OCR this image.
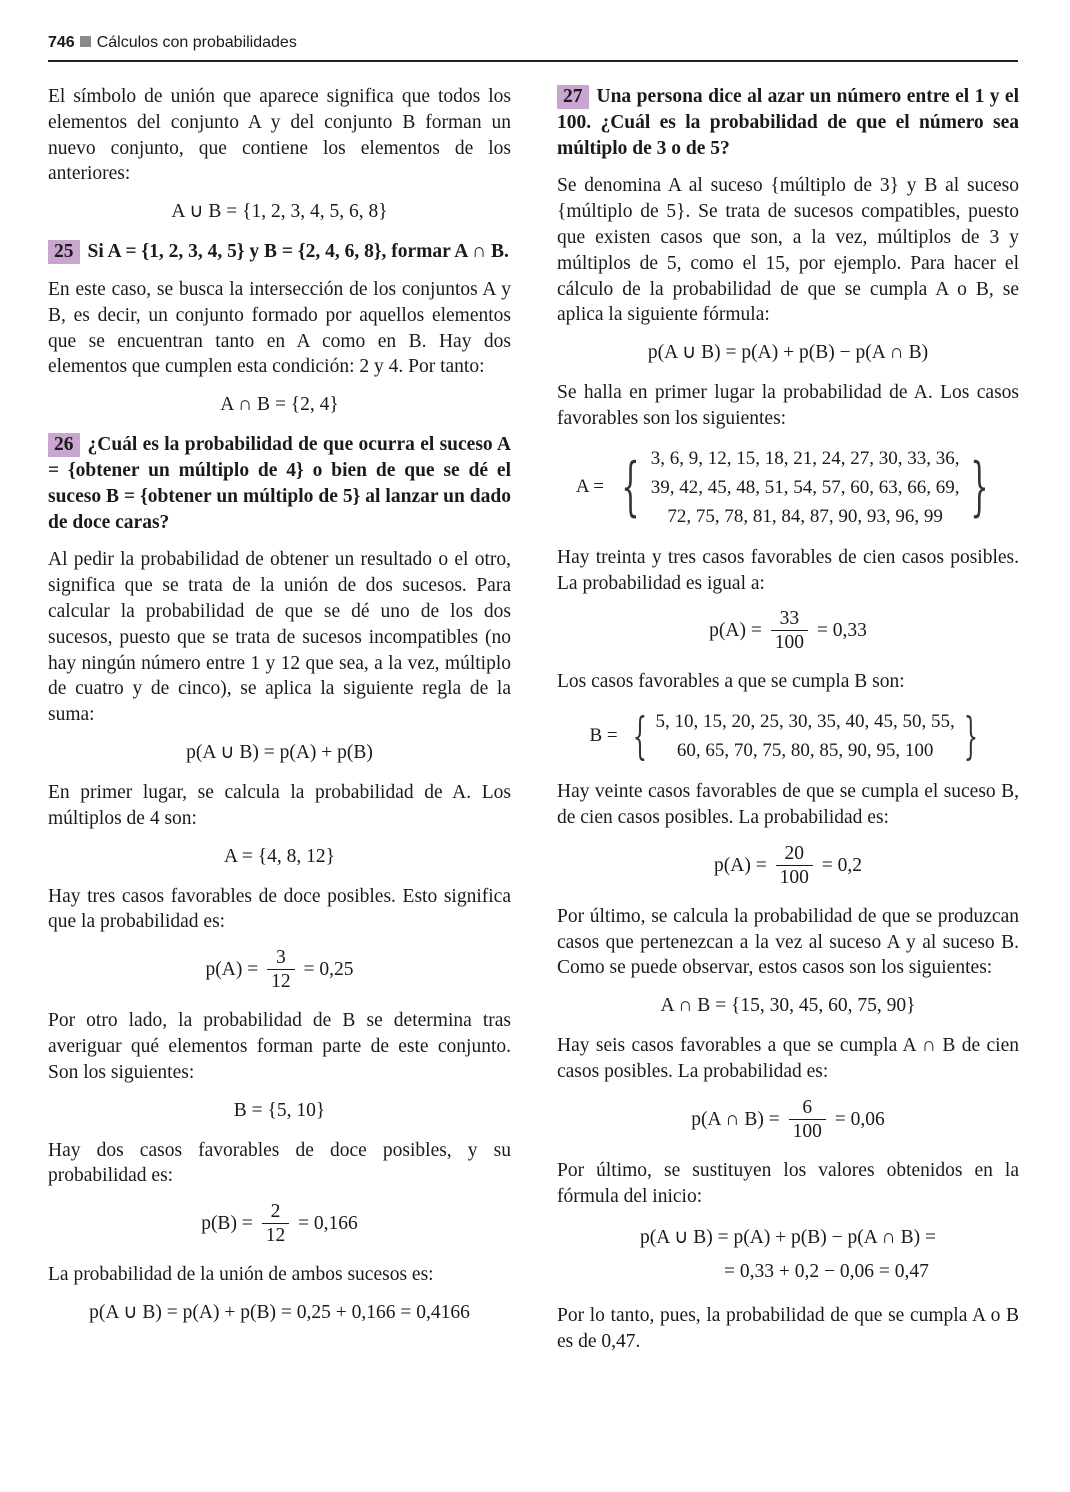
746 Cálculos con probabilidades

El símbolo de unión que aparece significa que todos los elementos del conjunto A y del conjunto B forman un nuevo conjunto, que contiene los elementos de los anteriores:

A ∪ B = {1, 2, 3, 4, 5, 6, 8}
25 Si A = {1, 2, 3, 4, 5} y B = {2, 4, 6, 8}, formar A ∩ B.

En este caso, se busca la intersección de los conjuntos A y B, es decir, un conjunto formado por aquellos elementos que se encuentran tanto en A como en B. Hay dos elementos que cumplen esta condición: 2 y 4. Por tanto:

A ∩ B = {2, 4}
26 ¿Cuál es la probabilidad de que ocurra el suceso A = {obtener un múltiplo de 4} o bien de que se dé el suceso B = {obtener un múltiplo de 5} al lanzar un dado de doce caras?

Al pedir la probabilidad de obtener un resultado o el otro, significa que se trata de la unión de dos sucesos. Para calcular la probabilidad de que se dé uno de los dos sucesos, puesto que se trata de sucesos incompatibles (no hay ningún número entre 1 y 12 que sea, a la vez, múltiplo de cuatro y de cinco), se aplica la siguiente regla de la suma:

p(A ∪ B) = p(A) + p(B)

En primer lugar, se calcula la probabilidad de A. Los múltiplos de 4 son:

A = {4, 8, 12}

Hay tres casos favorables de doce posibles. Esto significa que la probabilidad es:

$p(A) = \frac{3}{12} = 0,25$

Por otro lado, la probabilidad de B se determina tras averiguar qué elementos forman parte de este conjunto. Son los siguientes:

B = {5, 10}

Hay dos casos favorables de doce posibles, y su probabilidad es:

$p(B) = \frac{2}{12} = 0,166$

La probabilidad de la unión de ambos sucesos es:

p(A ∪ B) = p(A) + p(B) = 0,25 + 0,166 = 0,4166
27 Una persona dice al azar un número entre el 1 y el 100. ¿Cuál es la probabilidad de que el número sea múltiplo de 3 o de 5?

Se denomina A al suceso {múltiplo de 3} y B al suceso {múltiplo de 5}. Se trata de sucesos compatibles, puesto que existen casos que son, a la vez, múltiplos de 3 y múltiplos de 5, como el 15, por ejemplo. Para hacer el cálculo de la probabilidad de que se cumpla A o B, se aplica la siguiente fórmula:

p(A ∪ B) = p(A) + p(B) − p(A ∩ B)

Se halla en primer lugar la probabilidad de A. Los casos favorables son los siguientes:

A = { 3, 6, 9, 12, 15, 18, 21, 24, 27, 30, 33, 36,
39, 42, 45, 48, 51, 54, 57, 60, 63, 66, 69,
72, 75, 78, 81, 84, 87, 90, 93, 96, 99 }

Hay treinta y tres casos favorables de cien casos posibles. La probabilidad es igual a:

$p(A) = \frac{33}{100} = 0,33$

Los casos favorables a que se cumpla B son:

B = { 5, 10, 15, 20, 25, 30, 35, 40, 45, 50, 55,
60, 65, 70, 75, 80, 85, 90, 95, 100 }

Hay veinte casos favorables de que se cumpla el suceso B, de cien casos posibles. La probabilidad es:

$p(A) = \frac{20}{100} = 0,2$

Por último, se calcula la probabilidad de que se produzcan casos que pertenezcan a la vez al suceso A y al suceso B. Como se puede observar, estos casos son los siguientes:

A ∩ B = {15, 30, 45, 60, 75, 90}

Hay seis casos favorables a que se cumpla A ∩ B de cien casos posibles. La probabilidad es:

p(A ∩ $B) = \frac{6}{100} = 0,06$

Por último, se sustituyen los valores obtenidos en la fórmula del inicio:

p(A ∪ B) = p(A) + p(B) − p(A ∩ B) =
= 0,33 + 0,2 − 0,06 = 0,47

Por lo tanto, pues, la probabilidad de que se cumpla A o B es de 0,47.
